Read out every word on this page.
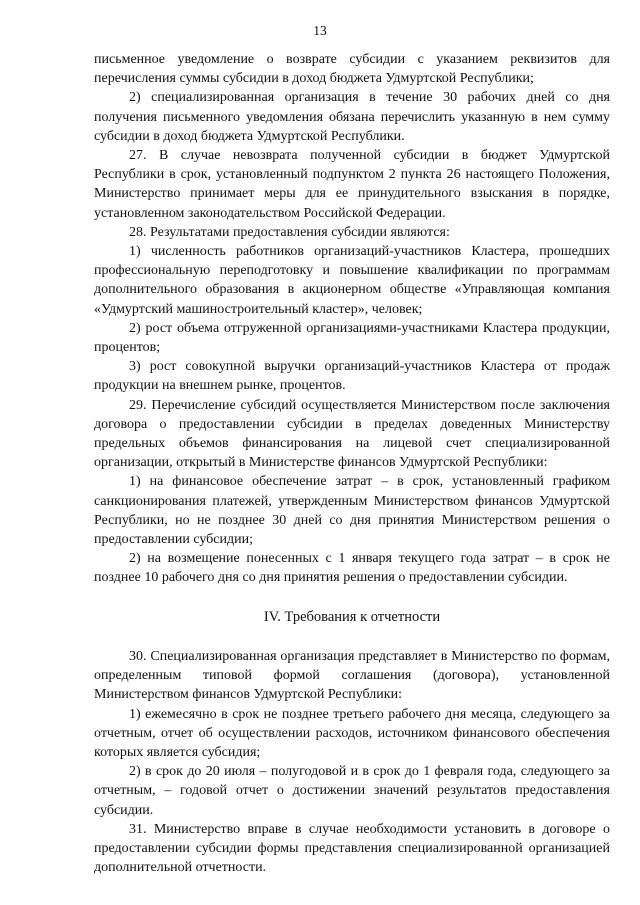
13

письменное уведомление о возврате субсидии с указанием реквизитов для перечисления суммы субсидии в доход бюджета Удмуртской Республики;

2) специализированная организация в течение 30 рабочих дней со дня получения письменного уведомления обязана перечислить указанную в нем сумму субсидии в доход бюджета Удмуртской Республики.

27. В случае невозврата полученной субсидии в бюджет Удмуртской Республики в срок, установленный подпунктом 2 пункта 26 настоящего Положения, Министерство принимает меры для ее принудительного взыскания в порядке, установленном законодательством Российской Федерации.

28. Результатами предоставления субсидии являются:

1) численность работников организаций-участников Кластера, прошедших профессиональную переподготовку и повышение квалификации по программам дополнительного образования в акционерном обществе «Управляющая компания «Удмуртский машиностроительный кластер», человек;

2) рост объема отгруженной организациями-участниками Кластера продукции, процентов;

3) рост совокупной выручки организаций-участников Кластера от продаж продукции на внешнем рынке, процентов.

29. Перечисление субсидий осуществляется Министерством после заключения договора о предоставлении субсидии в пределах доведенных Министерству предельных объемов финансирования на лицевой счет специализированной организации, открытый в Министерстве финансов Удмуртской Республики:

1) на финансовое обеспечение затрат – в срок, установленный графиком санкционирования платежей, утвержденным Министерством финансов Удмуртской Республики, но не позднее 30 дней со дня принятия Министерством решения о предоставлении субсидии;

2) на возмещение понесенных с 1 января текущего года затрат – в срок не позднее 10 рабочего дня со дня принятия решения о предоставлении субсидии.

IV. Требования к отчетности

30. Специализированная организация представляет в Министерство по формам, определенным типовой формой соглашения (договора), установленной Министерством финансов Удмуртской Республики:

1) ежемесячно в срок не позднее третьего рабочего дня месяца, следующего за отчетным, отчет об осуществлении расходов, источником финансового обеспечения которых является субсидия;

2) в срок до 20 июля – полугодовой и в срок до 1 февраля года, следующего за отчетным, – годовой отчет о достижении значений результатов предоставления субсидии.

31. Министерство вправе в случае необходимости установить в договоре о предоставлении субсидии формы представления специализированной организацией дополнительной отчетности.
